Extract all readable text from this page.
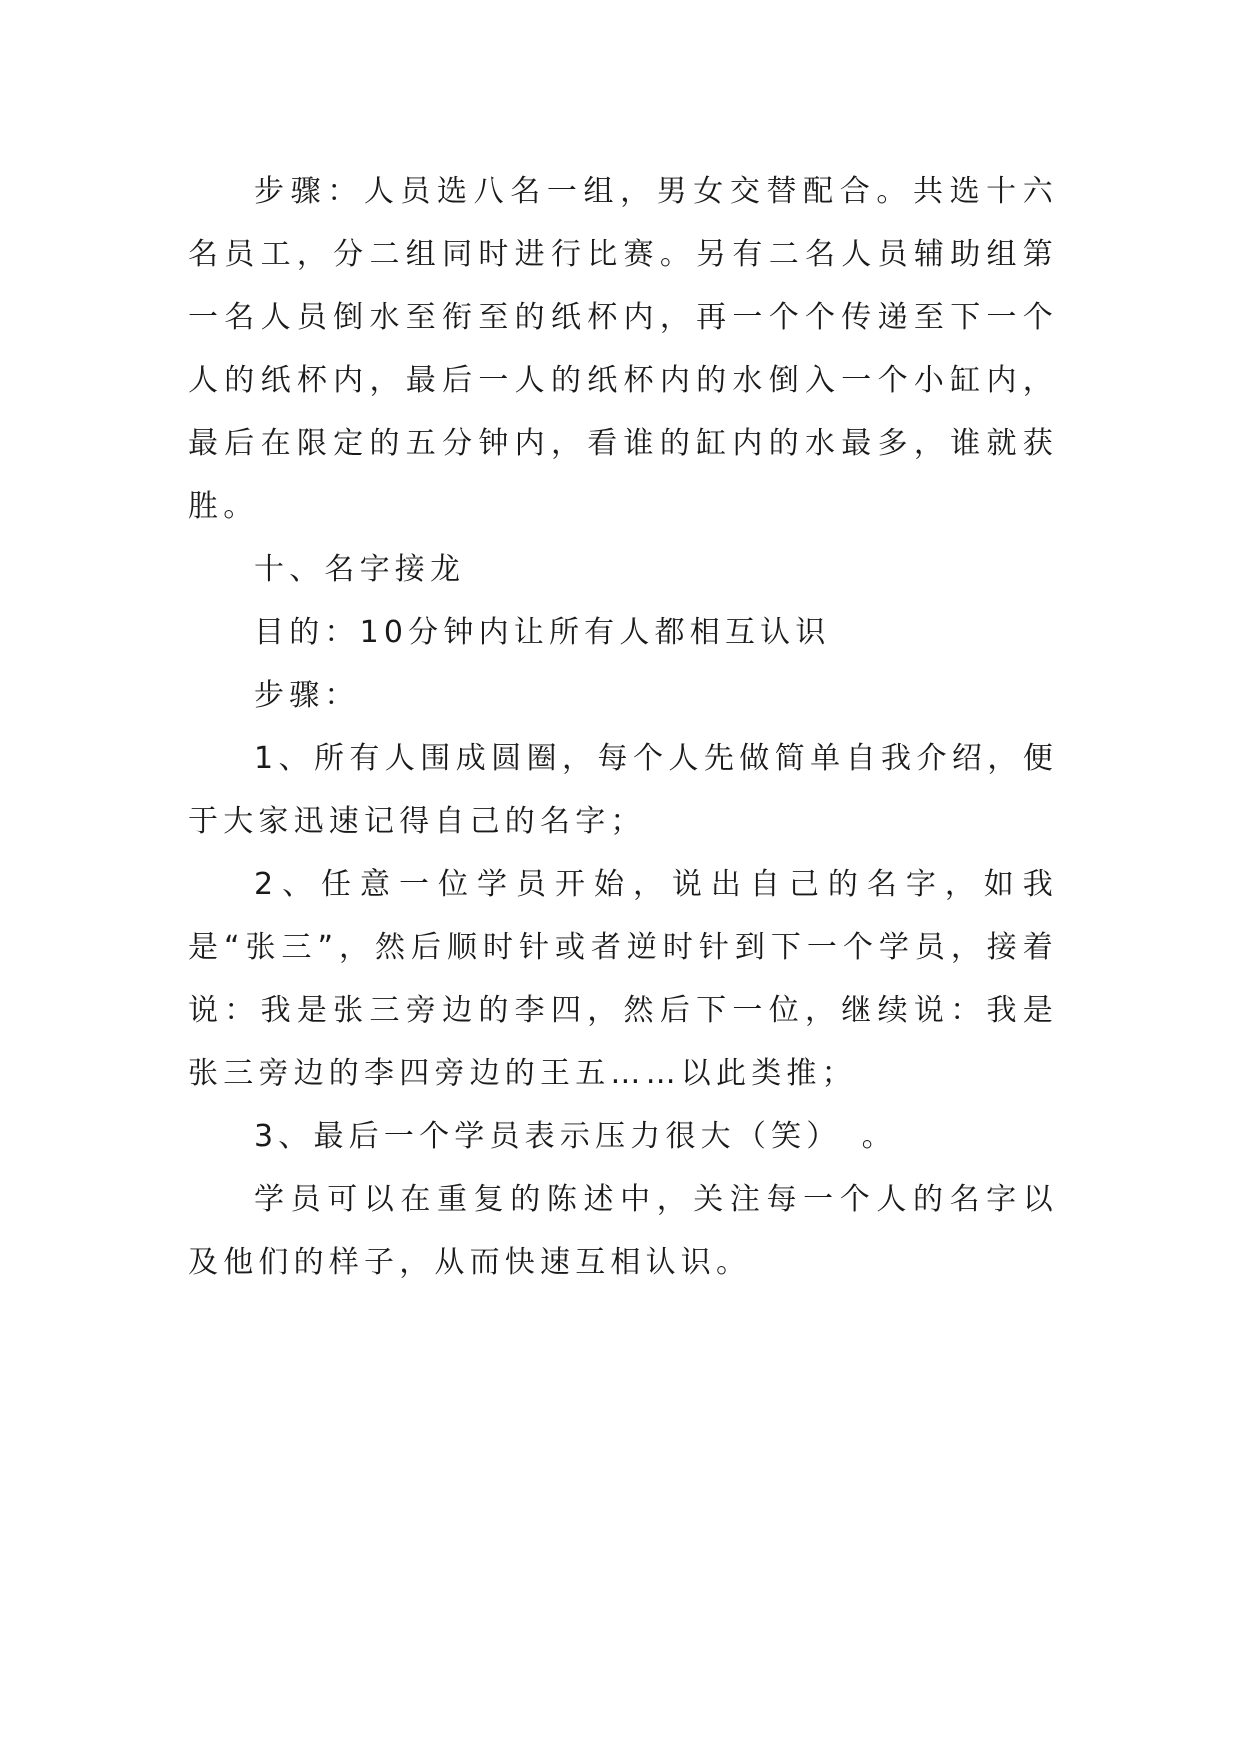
步骤：人员选八名一组，男女交替配合。共选十六名员工，分二组同时进行比赛。另有二名人员辅助组第一名人员倒水至衔至的纸杯内，再一个个传递至下一个人的纸杯内，最后一人的纸杯内的水倒入一个小缸内，最后在限定的五分钟内，看谁的缸内的水最多，谁就获胜。

十、名字接龙

目的：10分钟内让所有人都相互认识

步骤：

1、所有人围成圆圈，每个人先做简单自我介绍，便于大家迅速记得自己的名字；

2、任意一位学员开始，说出自己的名字，如我是“张三”，然后顺时针或者逆时针到下一个学员，接着说：我是张三旁边的李四，然后下一位，继续说：我是张三旁边的李四旁边的王五……以此类推；

3、最后一个学员表示压力很大（笑）　。

学员可以在重复的陈述中，关注每一个人的名字以及他们的样子，从而快速互相认识。
